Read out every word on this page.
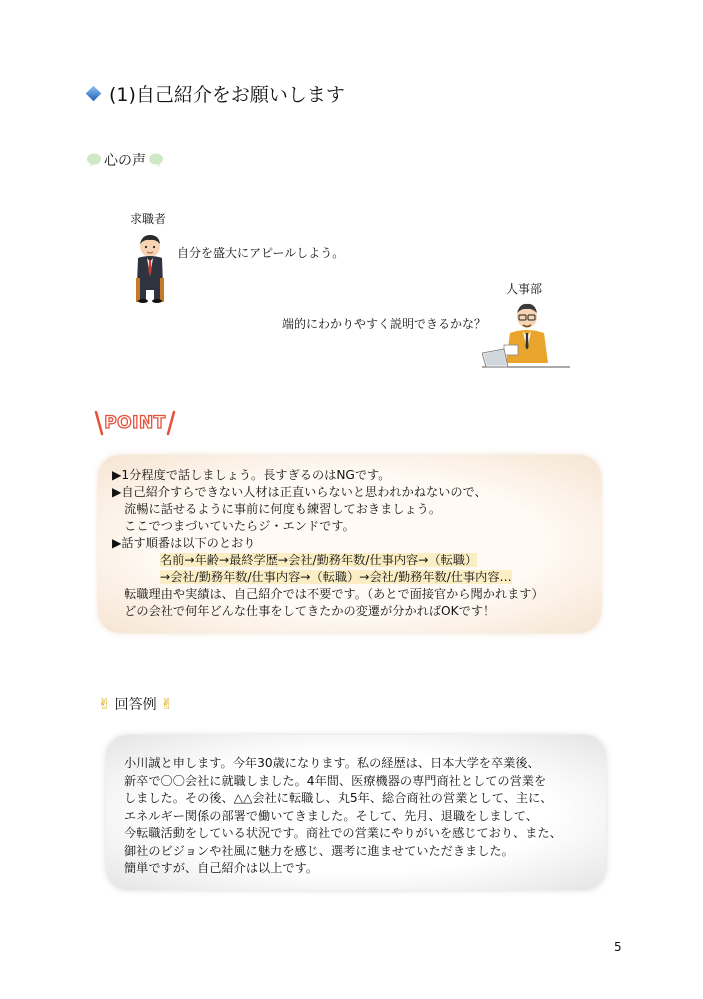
(1)自己紹介をお願いします
心の声
求職者
自分を盛大にアピールしよう。
人事部
端的にわかりやすく説明できるかな？
POINT
▶1分程度で話しましょう。長すぎるのはNGです。
▶自己紹介すらできない人材は正直いらないと思われかねないので、
　流暢に話せるように事前に何度も練習しておきましょう。
　ここでつまづいていたらジ・エンドです。
▶話す順番は以下のとおり
名前→年齢→最終学歴→会社/勤務年数/仕事内容→（転職）
→会社/勤務年数/仕事内容→（転職）→会社/勤務年数/仕事内容…
　転職理由や実績は、自己紹介では不要です。（あとで面接官から聞かれます）
　どの会社で何年どんな仕事をしてきたかの変遷が分かればOKです！
✌ 回答例 ✌
小川誠と申します。今年30歳になります。私の経歴は、日本大学を卒業後、
新卒で〇〇会社に就職しました。4年間、医療機器の専門商社としての営業を
しました。その後、△△会社に転職し、丸5年、総合商社の営業として、主に、
エネルギー関係の部署で働いてきました。そして、先月、退職をしまして、
今転職活動をしている状況です。商社での営業にやりがいを感じており、また、
御社のビジョンや社風に魅力を感じ、選考に進ませていただきました。
簡単ですが、自己紹介は以上です。
5
